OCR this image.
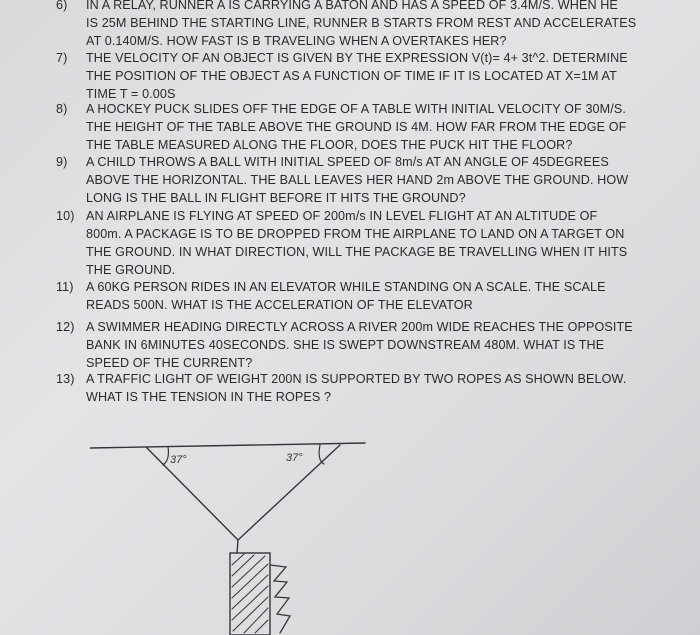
6)	IN A RELAY, RUNNER A IS CARRYING A BATON AND HAS A SPEED OF 3.4M/S. WHEN HE
IS 25M BEHIND THE STARTING LINE, RUNNER B STARTS FROM REST AND ACCELERATES
AT 0.140M/S. HOW FAST IS B TRAVELING WHEN A OVERTAKES HER?
7)	THE VELOCITY OF AN OBJECT IS GIVEN BY THE EXPRESSION V(t)= 4+ 3t^2. DETERMINE
THE POSITION OF THE OBJECT AS A FUNCTION OF TIME IF IT IS LOCATED AT X=1M AT
TIME T = 0.00S
8)	A HOCKEY PUCK SLIDES OFF THE EDGE OF A TABLE WITH INITIAL VELOCITY OF 30M/S.
THE HEIGHT OF THE TABLE ABOVE THE GROUND IS 4M. HOW FAR FROM THE EDGE OF
THE TABLE MEASURED ALONG THE FLOOR, DOES THE PUCK HIT THE FLOOR?
9)	A CHILD THROWS A BALL WITH INITIAL SPEED OF 8m/s AT AN ANGLE OF 45DEGREES
ABOVE THE HORIZONTAL. THE BALL LEAVES HER HAND 2m ABOVE THE GROUND. HOW
LONG IS THE BALL IN FLIGHT BEFORE IT HITS THE GROUND?
10) AN AIRPLANE IS FLYING AT SPEED OF 200m/s IN LEVEL FLIGHT AT AN ALTITUDE OF
800m. A PACKAGE IS TO BE DROPPED FROM THE AIRPLANE TO LAND ON A TARGET ON
THE GROUND. IN WHAT DIRECTION, WILL THE PACKAGE BE TRAVELLING WHEN IT HITS
THE GROUND.
11) A 60KG PERSON RIDES IN AN ELEVATOR WHILE STANDING ON A SCALE. THE SCALE
READS 500N. WHAT IS THE ACCELERATION OF THE ELEVATOR
12) A SWIMMER HEADING DIRECTLY ACROSS A RIVER 200m WIDE REACHES THE OPPOSITE
BANK IN 6MINUTES 40SECONDS. SHE IS SWEPT DOWNSTREAM 480M. WHAT IS THE
SPEED OF THE CURRENT?
13) A TRAFFIC LIGHT OF WEIGHT 200N IS SUPPORTED BY TWO ROPES AS SHOWN BELOW.
WHAT IS THE TENSION IN THE ROPES ?
37°	37°
